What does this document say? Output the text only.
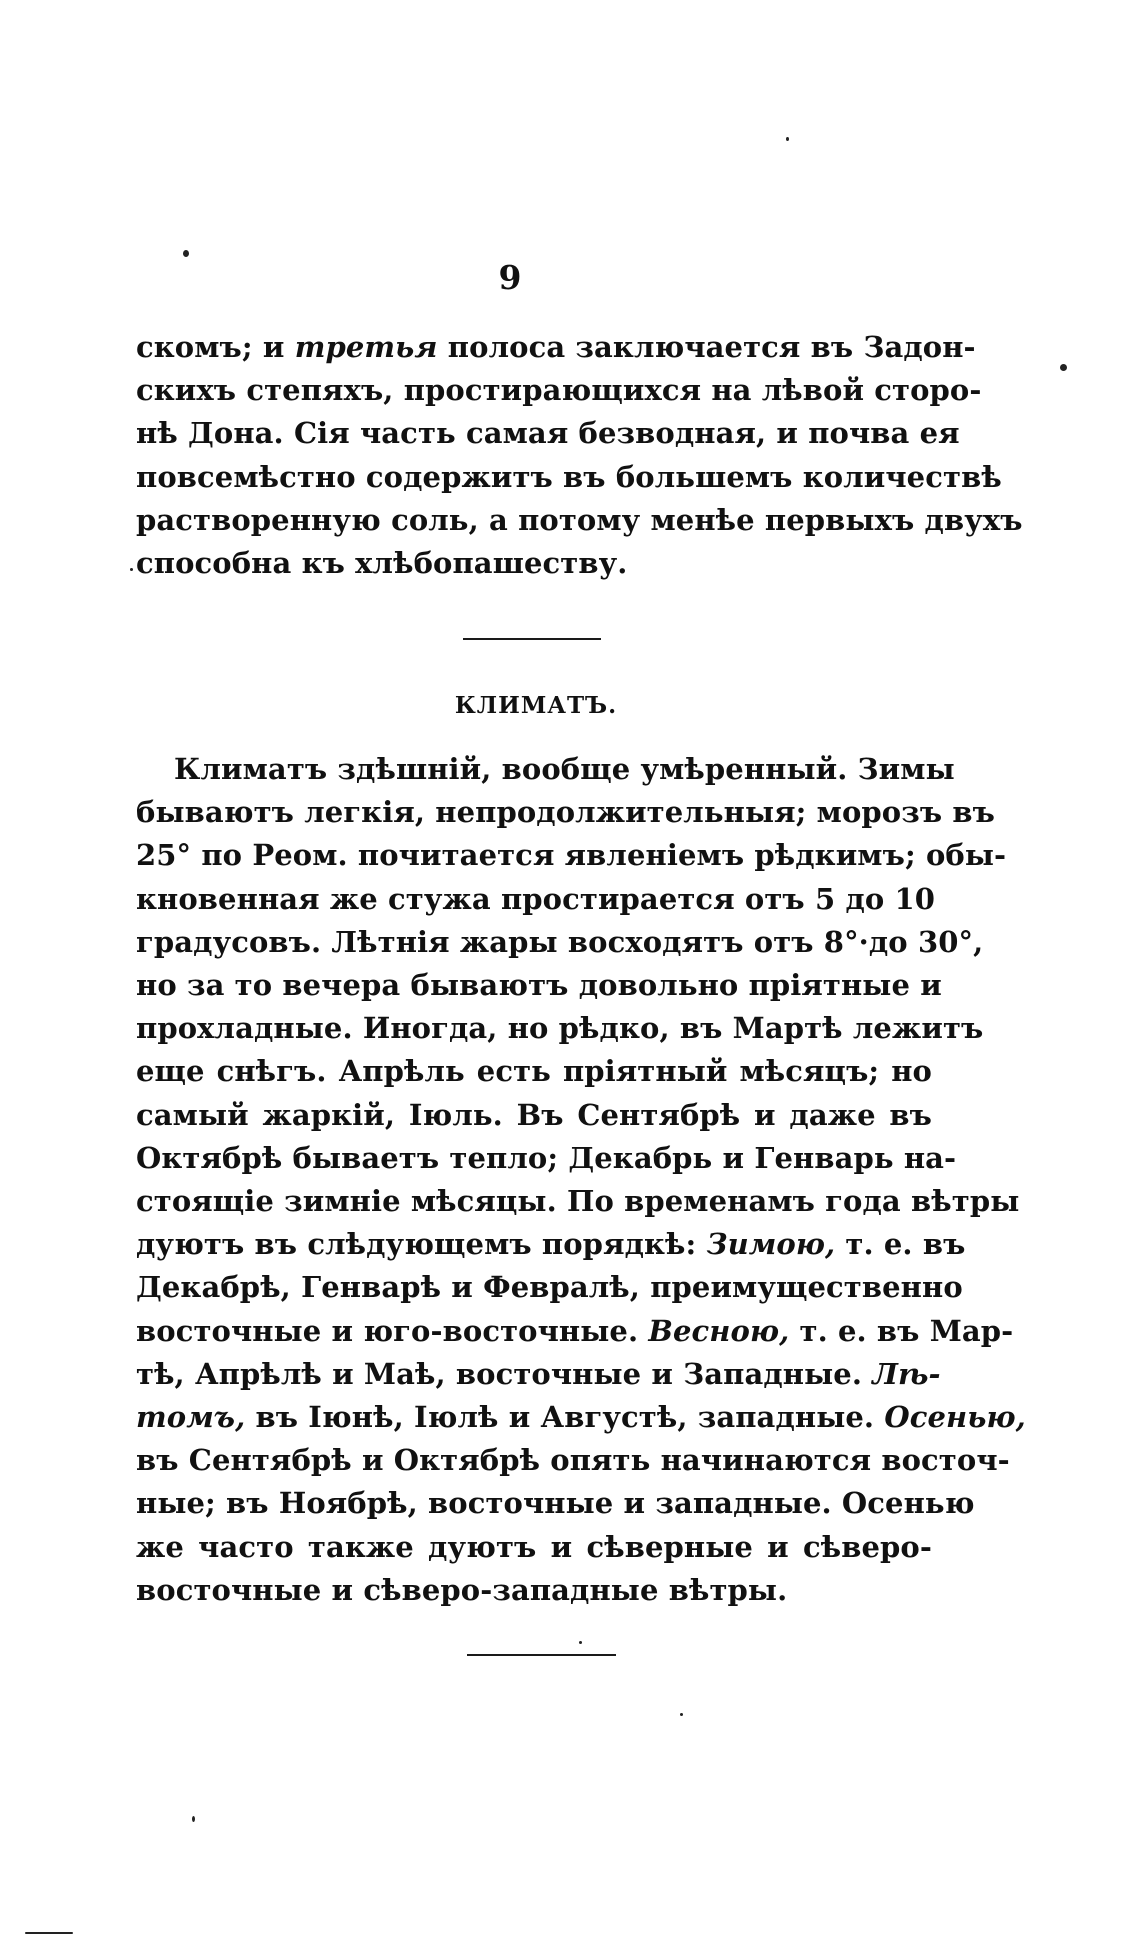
9
скомъ; и третья полоса заключается въ Задон-
скихъ степяхъ, простирающихся на лѣвой сторо-
нѣ Дона. Сія часть самая безводная, и почва ея
повсемѣстно содержитъ въ большемъ количествѣ
растворенную соль, а потому менѣе первыхъ двухъ
способна къ хлѣбопашеству.
КЛИМАТЪ.
Климатъ здѣшній, вообще умѣренный. Зимы
бываютъ легкія, непродолжительныя; морозъ въ
25° по Реом. почитается явленіемъ рѣдкимъ; обы-
кновенная же стужа простирается отъ 5 до 10
градусовъ. Лѣтнія жары восходятъ отъ 8°·до 30°,
но за то вечера бываютъ довольно пріятные и
прохладные. Иногда, но рѣдко, въ Мартѣ лежитъ
еще снѣгъ. Апрѣль есть пріятный мѣсяцъ; но
самый жаркій, Іюль. Въ Сентябрѣ и даже въ
Октябрѣ бываетъ тепло; Декабрь и Генварь на-
стоящіе зимніе мѣсяцы. По временамъ года вѣтры
дуютъ въ слѣдующемъ порядкѣ: Зимою, т. е. въ
Декабрѣ, Генварѣ и Февралѣ, преимущественно
восточные и юго-восточные. Весною, т. е. въ Мар-
тѣ, Апрѣлѣ и Маѣ, восточные и Западные. Лѣ-
томъ, въ Іюнѣ, Іюлѣ и Августѣ, западные. Осенью,
въ Сентябрѣ и Октябрѣ опять начинаются восточ-
ные; въ Ноябрѣ, восточные и западные. Осенью
же часто также дуютъ и сѣверные и сѣверо-
восточные и сѣверо-западные вѣтры.
